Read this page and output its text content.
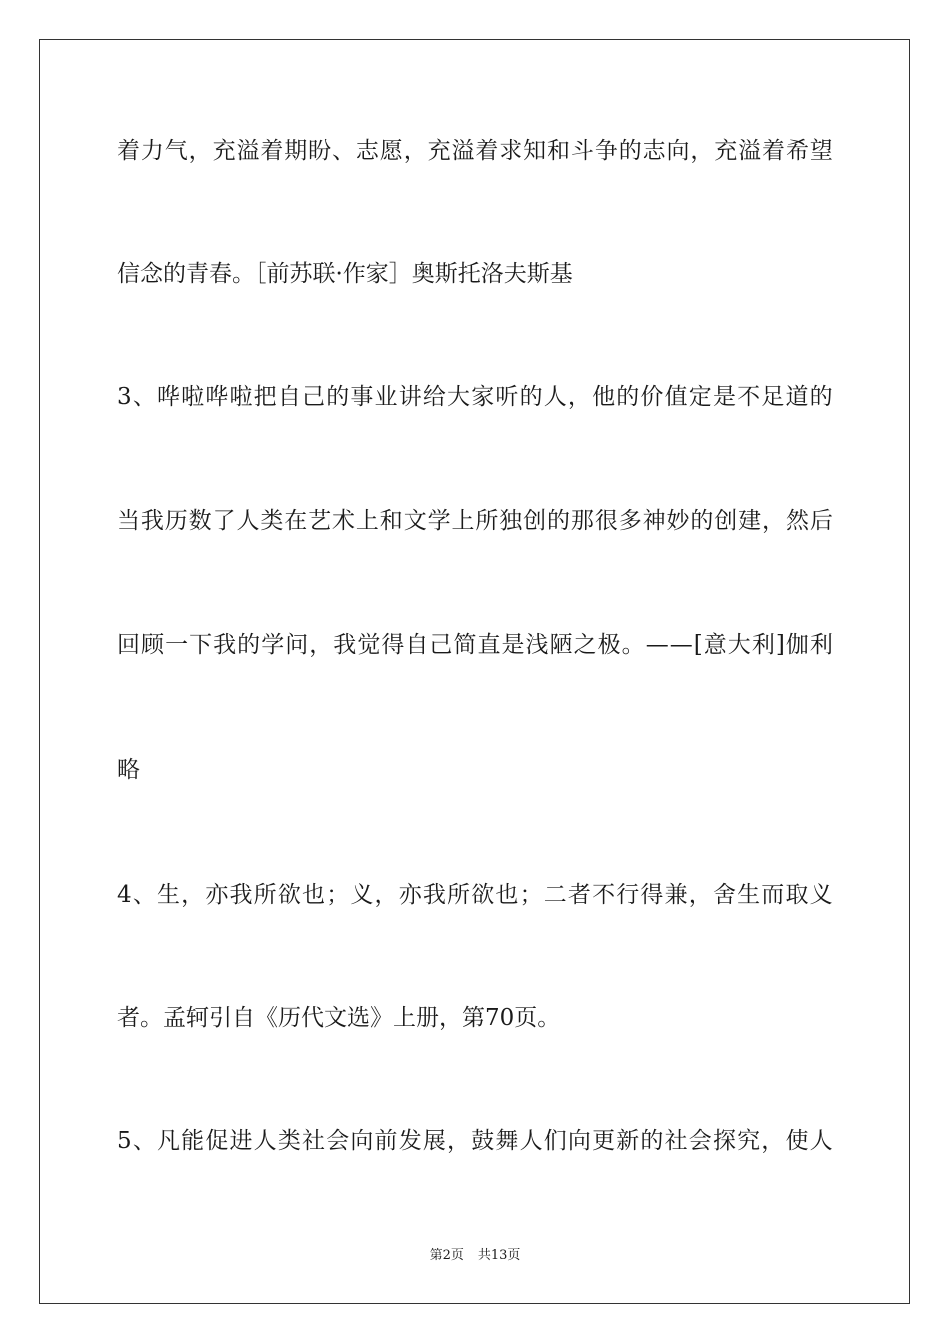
着 力 气 ， 充 溢 着 期 盼 、 志 愿 ， 充 溢 着 求 知 和 斗 争 的 志 向 ， 充 溢 着 希 望
信念的青春。［前苏联·作家］奥斯托洛夫斯基
3 、 哗 啦 哗 啦 把 自 己 的 事 业 讲 给 大 家 听 的 人 ， 他 的 价 值 定 是 不 足 道 的
当 我 历 数 了 人 类 在 艺 术 上 和 文 学 上 所 独 创 的 那 很 多 神 妙 的 创 建 ， 然 后
回 顾 一 下 我 的 学 问 ， 我 觉 得 自 己 简 直 是 浅 陋 之 极 。 — — [ 意 大 利 ] 伽 利
略
4 、 生 ， 亦 我 所 欲 也 ； 义 ， 亦 我 所 欲 也 ； 二 者 不 行 得 兼 ， 舍 生 而 取 义
者。孟轲引自《历代文选》上册，第70页。
5 、 凡 能 促 进 人 类 社 会 向 前 发 展 ， 鼓 舞 人 们 向 更 新 的 社 会 探 究 ， 使 人
第2页 共13页
